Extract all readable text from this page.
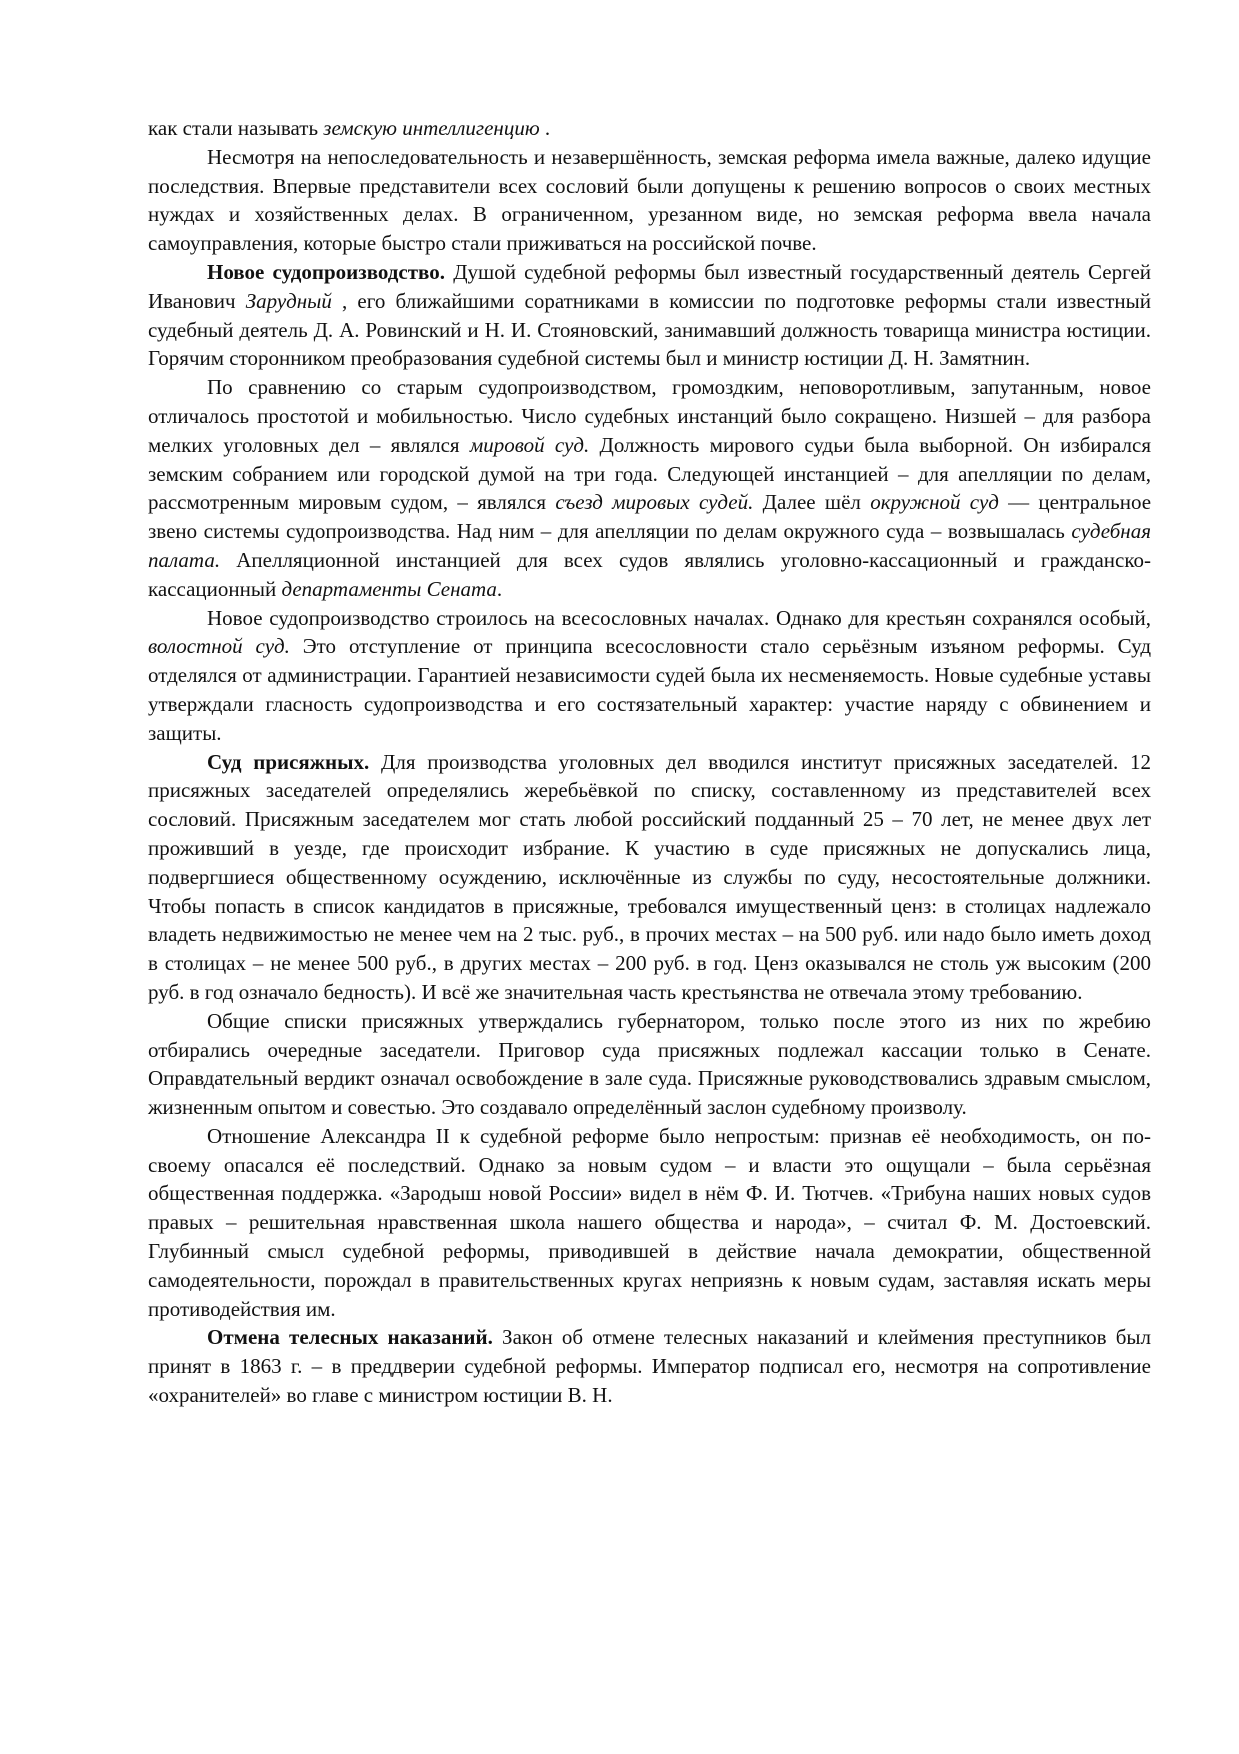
как стали называть земскую интеллигенцию .

Несмотря на непоследовательность и незавершённость, земская реформа имела важные, далеко идущие последствия. Впервые представители всех сословий были допущены к решению вопросов о своих местных нуждах и хозяйственных делах. В ограниченном, урезанном виде, но земская реформа ввела начала самоуправления, которые быстро стали приживаться на российской почве.

Новое судопроизводство. Душой судебной реформы был известный государственный деятель Сергей Иванович Зарудный , его ближайшими соратниками в комиссии по подготовке реформы стали известный судебный деятель Д. А. Ровинский и Н. И. Стояновский, занимавший должность товарища министра юстиции. Горячим сторонником преобразования судебной системы был и министр юстиции Д. Н. Замятнин.

По сравнению со старым судопроизводством, громоздким, неповоротливым, запутанным, новое отличалось простотой и мобильностью. Число судебных инстанций было сокращено. Низшей – для разбора мелких уголовных дел – являлся мировой суд. Должность мирового судьи была выборной. Он избирался земским собранием или городской думой на три года. Следующей инстанцией – для апелляции по делам, рассмотренным мировым судом, – являлся съезд мировых судей. Далее шёл окружной суд — центральное звено системы судопроизводства. Над ним – для апелляции по делам окружного суда – возвышалась судебная палата. Апелляционной инстанцией для всех судов являлись уголовно-кассационный и гражданско-кассационный департаменты Сената.

Новое судопроизводство строилось на всесословных началах. Однако для крестьян сохранялся особый, волостной суд. Это отступление от принципа всесословности стало серьёзным изъяном реформы. Суд отделялся от администрации. Гарантией независимости судей была их несменяемость. Новые судебные уставы утверждали гласность судопроизводства и его состязательный характер: участие наряду с обвинением и защиты.

Суд присяжных. Для производства уголовных дел вводился институт присяжных заседателей. 12 присяжных заседателей определялись жеребьёвкой по списку, составленному из представителей всех сословий. Присяжным заседателем мог стать любой российский подданный 25 – 70 лет, не менее двух лет проживший в уезде, где происходит избрание. К участию в суде присяжных не допускались лица, подвергшиеся общественному осуждению, исключённые из службы по суду, несостоятельные должники. Чтобы попасть в список кандидатов в присяжные, требовался имущественный ценз: в столицах надлежало владеть недвижимостью не менее чем на 2 тыс. руб., в прочих местах – на 500 руб. или надо было иметь доход в столицах – не менее 500 руб., в других местах – 200 руб. в год. Ценз оказывался не столь уж высоким (200 руб. в год означало бедность). И всё же значительная часть крестьянства не отвечала этому требованию.

Общие списки присяжных утверждались губернатором, только после этого из них по жребию отбирались очередные заседатели. Приговор суда присяжных подлежал кассации только в Сенате. Оправдательный вердикт означал освобождение в зале суда. Присяжные руководствовались здравым смыслом, жизненным опытом и совестью. Это создавало определённый заслон судебному произволу.

Отношение Александра II к судебной реформе было непростым: признав её необходимость, он по-своему опасался её последствий. Однако за новым судом – и власти это ощущали – была серьёзная общественная поддержка. «Зародыш новой России» видел в нём Ф. И. Тютчев. «Трибуна наших новых судов правых – решительная нравственная школа нашего общества и народа», – считал Ф. М. Достоевский. Глубинный смысл судебной реформы, приводившей в действие начала демократии, общественной самодеятельности, порождал в правительственных кругах неприязнь к новым судам, заставляя искать меры противодействия им.

Отмена телесных наказаний. Закон об отмене телесных наказаний и клеймения преступников был принят в 1863 г. – в преддверии судебной реформы. Император подписал его, несмотря на сопротивление «охранителей» во главе с министром юстиции В. Н.
